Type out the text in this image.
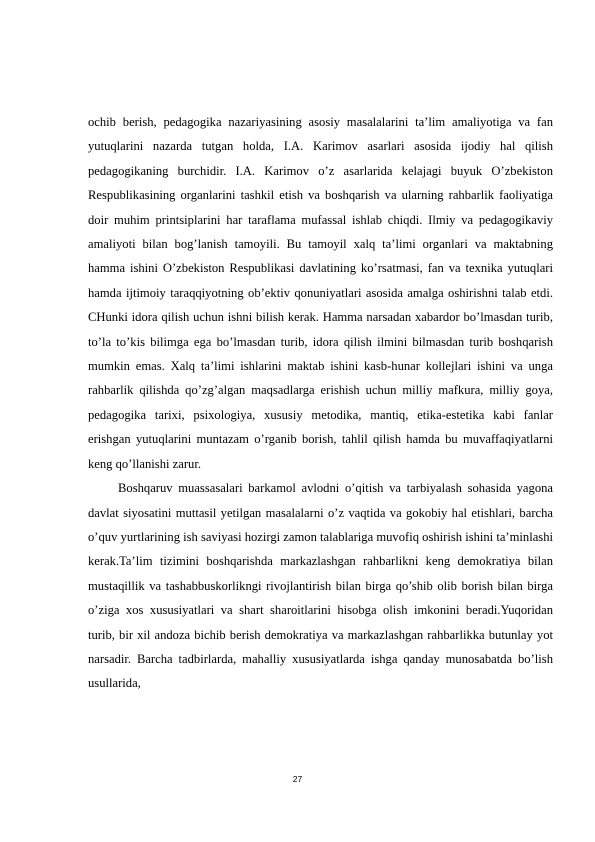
ochib berish, pedagogika nazariyasining asosiy masalalarini ta’lim amaliyotiga va fan yutuqlarini nazarda tutgan holda, I.A. Karimov asarlari asosida ijodiy hal qilish pedagogikaning burchidir. I.A. Karimov o’z asarlarida kelajagi buyuk O’zbekiston Respublikasining organlarini tashkil etish va boshqarish va ularning rahbarlik faoliyatiga doir muhim printsiplarini har taraflama mufassal ishlab chiqdi. Ilmiy va pedagogikaviy amaliyoti bilan bog’lanish tamoyili. Bu tamoyil xalq ta’limi organlari va maktabning hamma ishini O’zbekiston Respublikasi davlatining ko’rsatmasi, fan va texnika yutuqlari hamda ijtimoiy taraqqiyotning ob’ektiv qonuniyatlari asosida amalga oshirishni talab etdi. CHunki idora qilish uchun ishni bilish kerak. Hamma narsadan xabardor bo’lmasdan turib, to’la to’kis bilimga ega bo’lmasdan turib, idora qilish ilmini bilmasdan turib boshqarish mumkin emas. Xalq ta’limi ishlarini maktab ishini kasb-hunar kollejlari ishini va unga rahbarlik qilishda qo’zg’algan maqsadlarga erishish uchun milliy mafkura, milliy goya, pedagogika tarixi, psixologiya, xususiy metodika, mantiq, etika-estetika kabi fanlar erishgan yutuqlarini muntazam o’rganib borish, tahlil qilish hamda bu muvaffaqiyatlarni keng qo’llanishi zarur.

Boshqaruv muassasalari barkamol avlodni o’qitish va tarbiyalash sohasida yagona davlat siyosatini muttasil yetilgan masalalarni o’z vaqtida va gokobiy hal etishlari, barcha o’quv yurtlarining ish saviyasi hozirgi zamon talablariga muvofiq oshirish ishini ta’minlashi kerak.Ta’lim tizimini boshqarishda markazlashgan rahbarlikni keng demokratiya bilan mustaqillik va tashabbuskorlikngi rivojlantirish bilan birga qo’shib olib borish bilan birga o’ziga xos xususiyatlari va shart sharoitlarini hisobga olish imkonini beradi.Yuqoridan turib, bir xil andoza bichib berish demokratiya va markazlashgan rahbarlikka butunlay yot narsadir. Barcha tadbirlarda, mahalliy xususiyatlarda ishga qanday munosabatda bo’lish usullarida,

27
